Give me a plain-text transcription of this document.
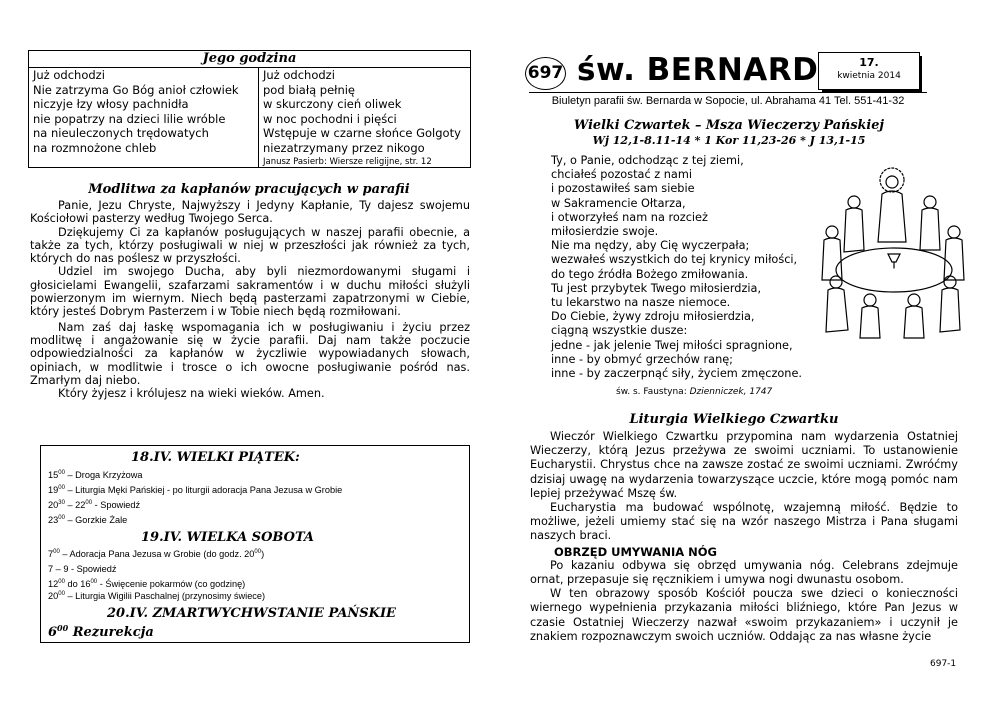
Jego godzina
Już odchodzi
Nie zatrzyma Go Bóg anioł człowiek
niczyje łzy włosy pachnidła
nie popatrzy na dzieci lilie wróble
na nieuleczonych trędowatych
na rozmnożone chleb
Już odchodzi
pod białą pełnię
w skurczony cień oliwek
w noc pochodni i pięści
Wstępuje w czarne słońce Golgoty
niezatrzymany przez nikogo
Janusz Pasierb: Wiersze religijne, str. 12
Modlitwa za kapłanów pracujących w parafii

Panie, Jezu Chryste, Najwyższy i Jedyny Kapłanie, Ty dajesz swojemu Kościołowi pasterzy według Twojego Serca.

Dziękujemy Ci za kapłanów posługujących w naszej parafii obecnie, a także za tych, którzy posługiwali w niej w przeszłości jak również za tych, których do nas poślesz w przyszłości.

Udziel im swojego Ducha, aby byli niezmordowanymi sługami i głosicielami Ewangelii, szafarzami sakramentów i w duchu miłości służyli powierzonym im wiernym. Niech będą pasterzami zapatrzonymi w Ciebie, który jesteś Dobrym Pasterzem i w Tobie niech będą rozmiłowani.

Nam zaś daj łaskę wspomagania ich w posługiwaniu i życiu przez modlitwę i angażowanie się w życie parafii. Daj nam także poczucie odpowiedzialności za kapłanów w życzliwie wypowiadanych słowach, opiniach, w modlitwie i trosce o ich owocne posługiwanie pośród nas. Zmarłym daj niebo.

Który żyjesz i królujesz na wieki wieków. Amen.

18.IV. WIELKI PIĄTEK:
$15^{00}$ – Droga Krzyżowa
$19^{00}$ – Liturgia Męki Pańskiej - po liturgii adoracja Pana Jezusa w Grobie
$20^{30} - 22^{00}$ - Spowiedź
$23^{00}$ – Gorzkie Żale
19.IV. WIELKA SOBOTA
$7^{00}$ – Adoracja Pana Jezusa w Grobie (do godz. $20^{00}$)
7 – 9 - Spowiedź
$12^{00}$ do $16^{00}$ - Święcenie pokarmów (co godzinę)
$20^{00}$ – Liturgia Wigilii Paschalnej (przynosimy świece)
20.IV. ZMARTWYCHWSTANIE PAŃSKIE
$6^{00}$ Rezurekcja
697 św. BERNARD	17.
kwietnia 2014
Biuletyn parafii św. Bernarda w Sopocie, ul. Abrahama 41 Tel. 551-41-32
Wielki Czwartek – Msza Wieczerzy Pańskiej
Wj 12,1-8.11-14 * 1 Kor 11,23-26 * J 13,1-15
Ty, o Panie, odchodząc z tej ziemi,
chciałeś pozostać z nami
i pozostawiłeś sam siebie
w Sakramencie Ołtarza,
i otworzyłeś nam na rozcież
miłosierdzie swoje.
Nie ma nędzy, aby Cię wyczerpała;
wezwałeś wszystkich do tej krynicy miłości,
do tego źródła Bożego zmiłowania.
Tu jest przybytek Twego miłosierdzia,
tu lekarstwo na nasze niemoce.
Do Ciebie, żywy zdroju miłosierdzia,
ciągną wszystkie dusze:
jedne - jak jelenie Twej miłości spragnione,
inne - by obmyć grzechów ranę;
inne - by zaczerpnąć siły, życiem zmęczone.
św. s. Faustyna: Dzienniczek, 1747
Liturgia Wielkiego Czwartku

Wieczór Wielkiego Czwartku przypomina nam wydarzenia Ostatniej Wieczerzy, którą Jezus przeżywa ze swoimi uczniami. To ustanowienie Eucharystii. Chrystus chce na zawsze zostać ze swoimi uczniami. Zwróćmy dzisiaj uwagę na wydarzenia towarzyszące uczcie, które mogą pomóc nam lepiej przeżywać Mszę św.

Eucharystia ma budować wspólnotę, wzajemną miłość. Będzie to możliwe, jeżeli umiemy stać się na wzór naszego Mistrza i Pana sługami naszych braci.

OBRZĘD UMYWANIA NÓG

Po kazaniu odbywa się obrzęd umywania nóg. Celebrans zdejmuje ornat, przepasuje się ręcznikiem i umywa nogi dwunastu osobom.

W ten obrazowy sposób Kościół poucza swe dzieci o konieczności wiernego wypełnienia przykazania miłości bliźniego, które Pan Jezus w czasie Ostatniej Wieczerzy nazwał «swoim przykazaniem» i uczynił je znakiem rozpoznawczym swoich uczniów. Oddając za nas własne życie

697-1
